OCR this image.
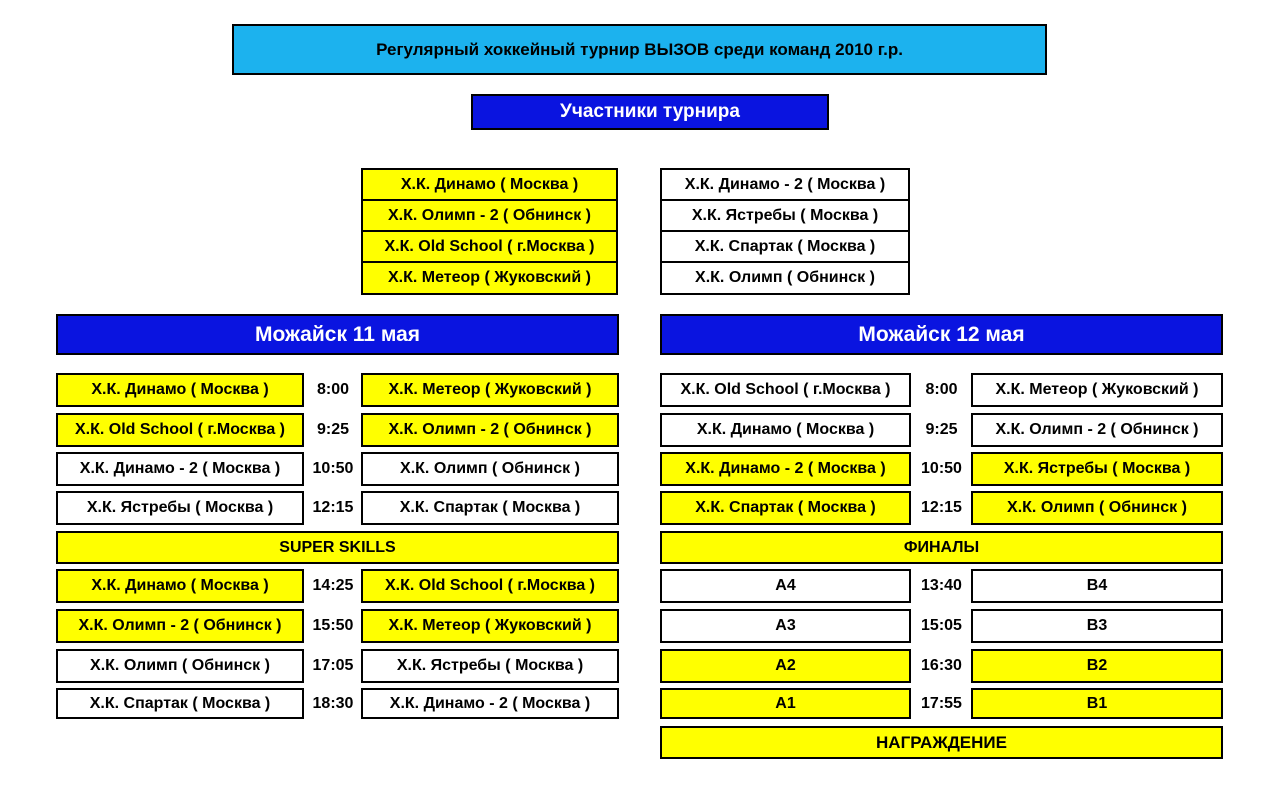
Регулярный хоккейный турнир ВЫЗОВ среди команд 2010 г.р.
Участники турнира
Х.К. Динамо ( Москва )
Х.К. Олимп - 2 ( Обнинск )
Х.К. Old School ( г.Москва )
Х.К. Метеор ( Жуковский )
Х.К. Динамо - 2 ( Москва )
Х.К. Ястребы ( Москва )
Х.К. Спартак ( Москва )
Х.К. Олимп ( Обнинск )
Можайск 11 мая	Можайск 12 мая
Х.К. Динамо ( Москва )	8:00	Х.К. Метеор ( Жуковский )
Х.К. Old School ( г.Москва )	9:25	Х.К. Олимп - 2 ( Обнинск )
Х.К. Динамо - 2 ( Москва )	10:50	Х.К. Олимп ( Обнинск )
Х.К. Ястребы ( Москва )	12:15	Х.К. Спартак ( Москва )
SUPER SKILLS
Х.К. Динамо ( Москва )	14:25	Х.К. Old School ( г.Москва )
Х.К. Олимп - 2 ( Обнинск )	15:50	Х.К. Метеор ( Жуковский )
Х.К. Олимп ( Обнинск )	17:05	Х.К. Ястребы ( Москва )
Х.К. Спартак ( Москва )	18:30	Х.К. Динамо - 2 ( Москва )
Х.К. Old School ( г.Москва )	8:00	Х.К. Метеор ( Жуковский )
Х.К. Динамо ( Москва )	9:25	Х.К. Олимп - 2 ( Обнинск )
Х.К. Динамо - 2 ( Москва )	10:50	Х.К. Ястребы ( Москва )
Х.К. Спартак ( Москва )	12:15	Х.К. Олимп ( Обнинск )
ФИНАЛЫ
А4	13:40	В4
А3	15:05	В3
А2	16:30	В2
А1	17:55	В1
НАГРАЖДЕНИЕ
